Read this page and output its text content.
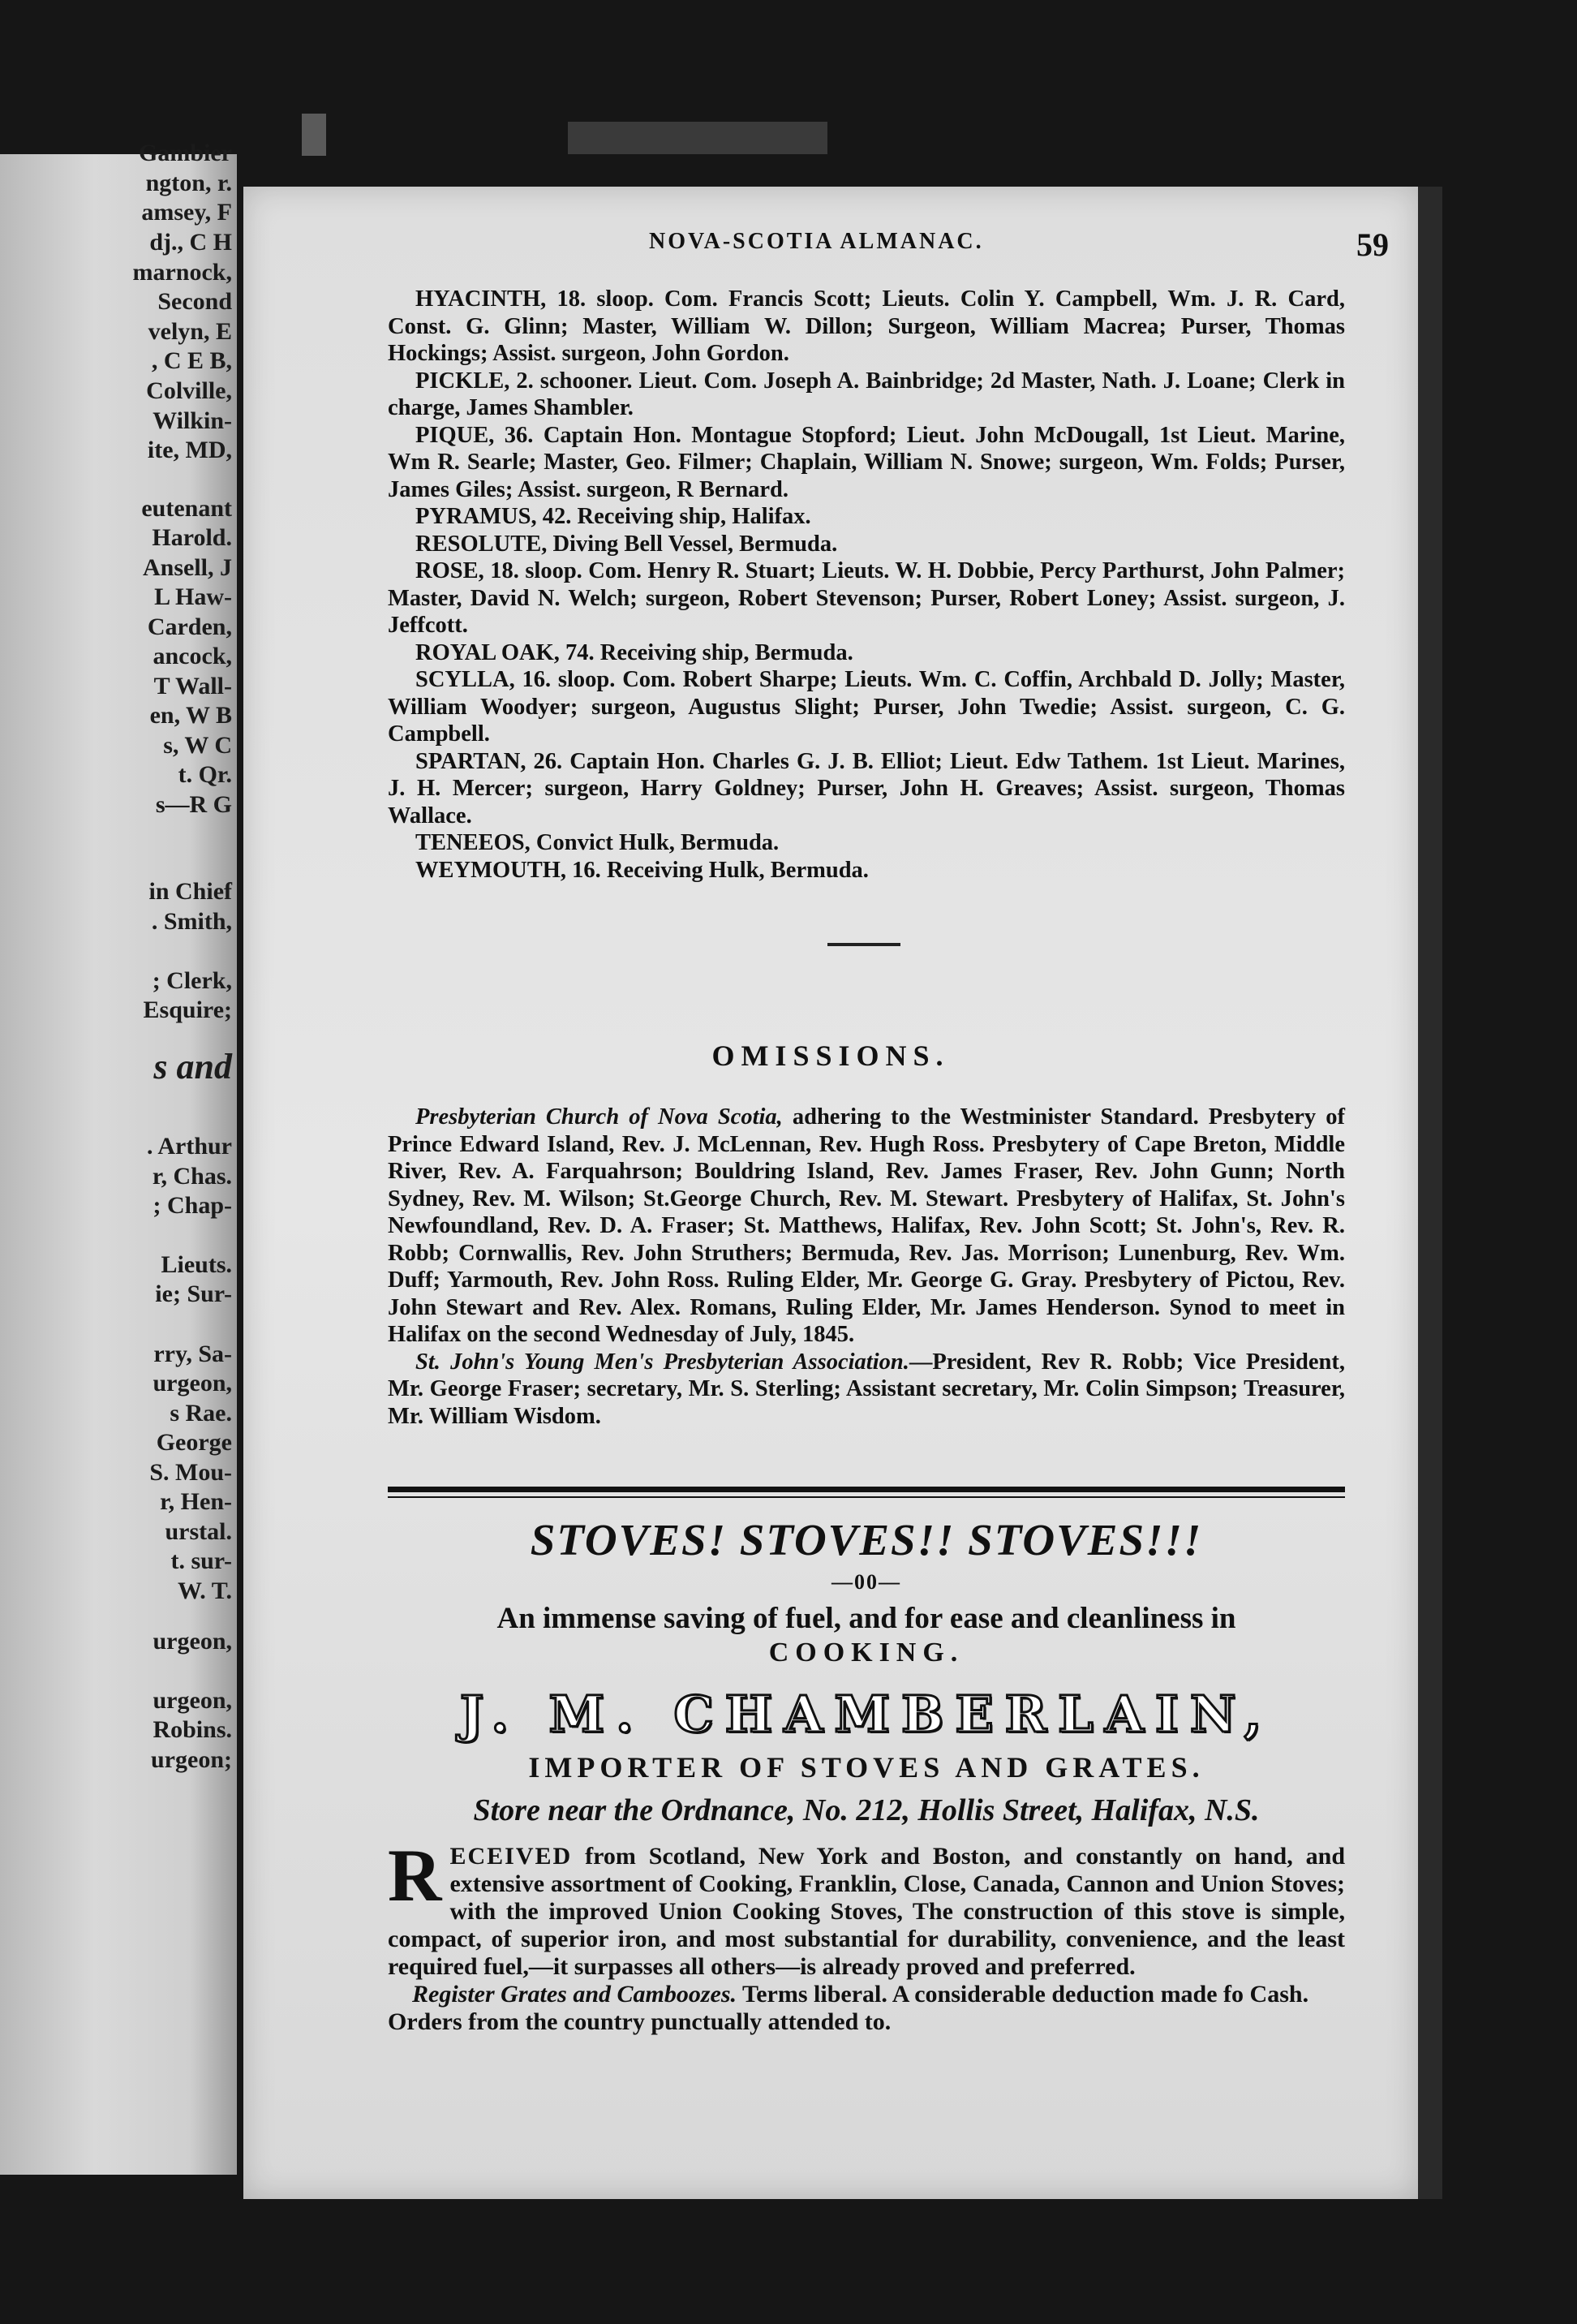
Gambier
ngton, r.
amsey, F
dj., C H
marnock,
Second
velyn, E
, C E B,
Colville,
Wilkin-
ite, MD,
eutenant
Harold.
Ansell, J
L Haw-
Carden,
ancock,
T Wall-
en, W B
s, W C
t. Qr.
s—R G
in Chief
. Smith,
; Clerk,
Esquire;
s and
. Arthur
r, Chas.
; Chap-
Lieuts.
ie; Sur-
rry, Sa-
urgeon,
s Rae.
George
S. Mou-
r, Hen-
urstal.
t. sur-
W. T.
urgeon,
urgeon,
Robins.
urgeon;
NOVA-SCOTIA ALMANAC.	59

HYACINTH, 18. sloop. Com. Francis Scott; Lieuts. Colin Y. Campbell, Wm. J. R. Card, Const. G. Glinn; Master, William W. Dillon; Surgeon, William Macrea; Purser, Thomas Hockings; Assist. surgeon, John Gordon.

PICKLE, 2. schooner. Lieut. Com. Joseph A. Bainbridge; 2d Master, Nath. J. Loane; Clerk in charge, James Shambler.

PIQUE, 36. Captain Hon. Montague Stopford; Lieut. John McDougall, 1st Lieut. Marine, Wm R. Searle; Master, Geo. Filmer; Chaplain, William N. Snowe; surgeon, Wm. Folds; Purser, James Giles; Assist. surgeon, R Bernard.

PYRAMUS, 42. Receiving ship, Halifax.

RESOLUTE, Diving Bell Vessel, Bermuda.

ROSE, 18. sloop. Com. Henry R. Stuart; Lieuts. W. H. Dobbie, Percy Parthurst, John Palmer; Master, David N. Welch; surgeon, Robert Stevenson; Purser, Robert Loney; Assist. surgeon, J. Jeffcott.

ROYAL OAK, 74. Receiving ship, Bermuda.

SCYLLA, 16. sloop. Com. Robert Sharpe; Lieuts. Wm. C. Coffin, Archbald D. Jolly; Master, William Woodyer; surgeon, Augustus Slight; Purser, John Twedie; Assist. surgeon, C. G. Campbell.

SPARTAN, 26. Captain Hon. Charles G. J. B. Elliot; Lieut. Edw Tathem. 1st Lieut. Marines, J. H. Mercer; surgeon, Harry Goldney; Purser, John H. Greaves; Assist. surgeon, Thomas Wallace.

TENEEOS, Convict Hulk, Bermuda.

WEYMOUTH, 16. Receiving Hulk, Bermuda.

OMISSIONS.

Presbyterian Church of Nova Scotia, adhering to the Westminister Standard. Presbytery of Prince Edward Island, Rev. J. McLennan, Rev. Hugh Ross. Presbytery of Cape Breton, Middle River, Rev. A. Farquahrson; Bouldring Island, Rev. James Fraser, Rev. John Gunn; North Sydney, Rev. M. Wilson; St.George Church, Rev. M. Stewart. Presbytery of Halifax, St. John's Newfoundland, Rev. D. A. Fraser; St. Matthews, Halifax, Rev. John Scott; St. John's, Rev. R. Robb; Cornwallis, Rev. John Struthers; Bermuda, Rev. Jas. Morrison; Lunenburg, Rev. Wm. Duff; Yarmouth, Rev. John Ross. Ruling Elder, Mr. George G. Gray. Presbytery of Pictou, Rev. John Stewart and Rev. Alex. Romans, Ruling Elder, Mr. James Henderson. Synod to meet in Halifax on the second Wednesday of July, 1845.

St. John's Young Men's Presbyterian Association.—President, Rev R. Robb; Vice President, Mr. George Fraser; secretary, Mr. S. Sterling; Assistant secretary, Mr. Colin Simpson; Treasurer, Mr. William Wisdom.

STOVES! STOVES!! STOVES!!!

—00—

An immense saving of fuel, and for ease and cleanliness in

COOKING.

J. M. CHAMBERLAIN,

IMPORTER OF STOVES AND GRATES.

Store near the Ordnance, No. 212, Hollis Street, Halifax, N.S.

RECEIVED from Scotland, New York and Boston, and constantly on hand, and extensive assortment of Cooking, Franklin, Close, Canada, Cannon and Union Stoves; with the improved Union Cooking Stoves, The construction of this stove is simple, compact, of superior iron, and most substantial for durability, convenience, and the least required fuel,—it surpasses all others—is already proved and preferred.

Register Grates and Camboozes. Terms liberal. A considerable deduction made fo Cash. Orders from the country punctually attended to.
